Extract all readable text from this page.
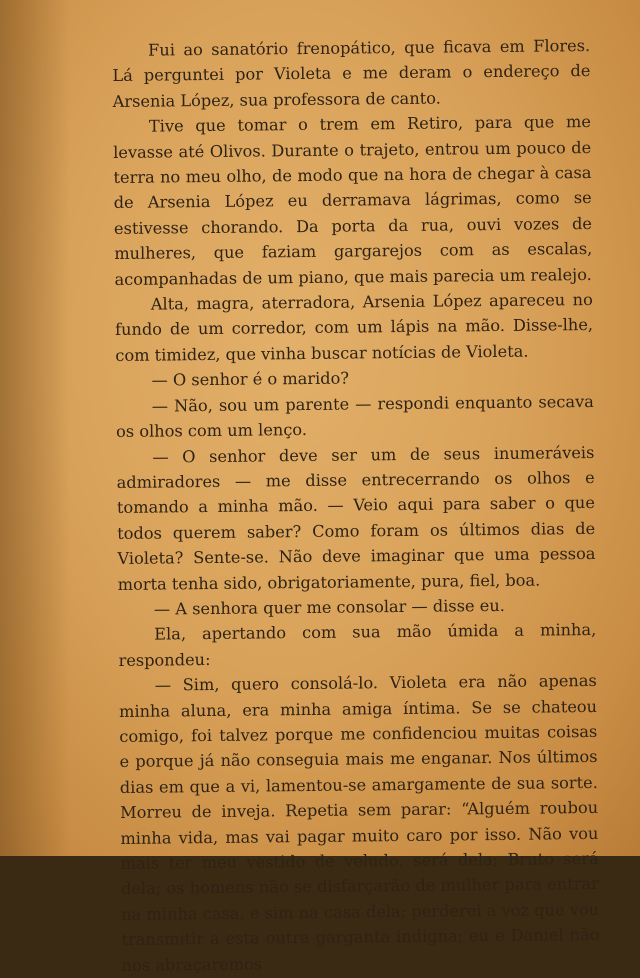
Fui ao sanatório frenopático, que ficava em Flores. Lá perguntei por Violeta e me deram o endereço de Arsenia López, sua professora de canto.

Tive que tomar o trem em Retiro, para que me levasse até Olivos. Durante o trajeto, entrou um pouco de terra no meu olho, de modo que na hora de chegar à casa de Arsenia López eu derramava lágrimas, como se estivesse chorando. Da porta da rua, ouvi vozes de mulheres, que faziam gargarejos com as escalas, acompanhadas de um piano, que mais parecia um realejo.

Alta, magra, aterradora, Arsenia López apareceu no fundo de um corredor, com um lápis na mão. Disse-lhe, com timidez, que vinha buscar notícias de Violeta.

— O senhor é o marido?

— Não, sou um parente — respondi enquanto secava os olhos com um lenço.

— O senhor deve ser um de seus inumeráveis admiradores — me disse entrecerrando os olhos e tomando a minha mão. — Veio aqui para saber o que todos querem saber? Como foram os últimos dias de Violeta? Sente-se. Não deve imaginar que uma pessoa morta tenha sido, obrigatoriamente, pura, fiel, boa.

— A senhora quer me consolar — disse eu.

Ela, apertando com sua mão úmida a minha, respondeu:

— Sim, quero consolá-lo. Violeta era não apenas minha aluna, era minha amiga íntima. Se se chateou comigo, foi talvez porque me confidenciou muitas coisas e porque já não conseguia mais me enganar. Nos últimos dias em que a vi, lamentou-se amargamente de sua sorte. Morreu de inveja. Repetia sem parar: “Alguém roubou minha vida, mas vai pagar muito caro por isso. Não vou mais ter meu vestido de veludo, será dela; Bruto será dela; os homens não se disfarçarão de mulher para entrar na minha casa, e sim na casa dela; perderei a voz que vou transmitir a esta outra garganta indigna; eu e Daniel não nos abraçaremos
